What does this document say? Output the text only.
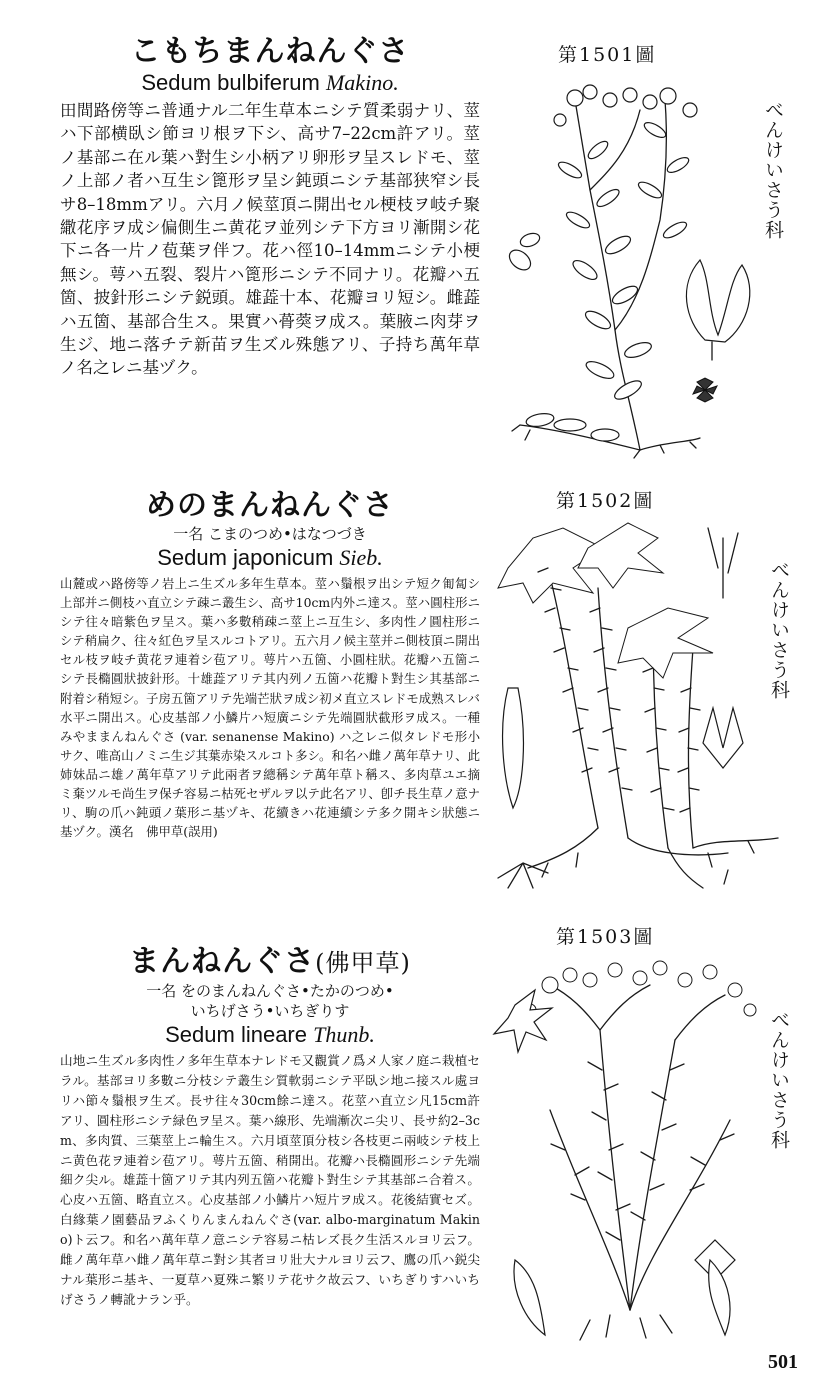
こもちまんねんぐさ
Sedum bulbiferum Makino.
田間路傍等ニ普通ナル二年生草本ニシテ質柔弱ナリ、莖ハ下部横臥シ節ヨリ根ヲ下シ、高サ7–22cm許アリ。莖ノ基部ニ在ル葉ハ對生シ小柄アリ卵形ヲ呈スレドモ、莖ノ上部ノ者ハ互生シ篦形ヲ呈シ鈍頭ニシテ基部狭窄シ長サ8–18mmアリ。六月ノ候莖頂ニ開出セル梗枝ヲ岐チ聚繖花序ヲ成シ偏側生ニ黄花ヲ並列シテ下方ヨリ漸開シ花下ニ各一片ノ苞葉ヲ伴フ。花ハ徑10–14mmニシテ小梗無シ。萼ハ五裂、裂片ハ篦形ニシテ不同ナリ。花瓣ハ五箇、披針形ニシテ鋭頭。雄蕋十本、花瓣ヨリ短シ。雌蕋ハ五箇、基部合生ス。果實ハ蓇葖ヲ成ス。葉腋ニ肉芽ヲ生ジ、地ニ落チテ新苗ヲ生ズル殊態アリ、子持ち萬年草ノ名之レニ基ヅク。
第1501圖
べんけいさう科
めのまんねんぐさ
一名 こまのつめ•はなつづき
Sedum japonicum Sieb.
山麓或ハ路傍等ノ岩上ニ生ズル多年生草本。莖ハ鬚根ヲ出シテ短ク匍匐シ上部并ニ側枝ハ直立シテ疎ニ叢生シ、高サ10cm内外ニ達ス。莖ハ圓柱形ニシテ往々暗紫色ヲ呈ス。葉ハ多數稍疎ニ莖上ニ互生シ、多肉性ノ圓柱形ニシテ稍扁ク、往々紅色ヲ呈スルコトアリ。五六月ノ候主莖并ニ側枝頂ニ開出セル枝ヲ岐チ黄花ヲ連着シ苞アリ。萼片ハ五箇、小圓柱狀。花瓣ハ五箇ニシテ長橢圓狀披針形。十雄蕋アリテ其内列ノ五箇ハ花瓣ト對生シ其基部ニ附着シ稍短シ。子房五箇アリテ先端芒狀ヲ成シ初メ直立スレドモ成熟スレバ水平ニ開出ス。心皮基部ノ小鱗片ハ短廣ニシテ先端圓狀截形ヲ成ス。一種みやままんねんぐさ (var. senanense Makino) ハ之レニ似タレドモ形小サク、唯高山ノミニ生ジ其葉赤染スルコト多シ。和名ハ雌ノ萬年草ナリ、此姉妹品ニ雄ノ萬年草アリテ此兩者ヲ總稱シテ萬年草ト稱ス、多肉草ユエ摘ミ棄ツルモ尚生ヲ保チ容易ニ枯死セザルヲ以テ此名アリ、卽チ長生草ノ意ナリ、駒の爪ハ鈍頭ノ葉形ニ基ヅキ、花續きハ花連續シテ多ク開キシ狀態ニ基ヅク。漢名　佛甲草(誤用)
第1502圖
べんけいさう科
まんねんぐさ(佛甲草)
一名 をのまんねんぐさ•たかのつめ•
いちげさう•いちぎりす
Sedum lineare Thunb.
山地ニ生ズル多肉性ノ多年生草本ナレドモ又觀賞ノ爲メ人家ノ庭ニ栽植セラル。基部ヨリ多數ニ分枝シテ叢生シ質軟弱ニシテ平臥シ地ニ接スル處ヨリハ節々鬚根ヲ生ズ。長サ往々30cm餘ニ達ス。花莖ハ直立シ凡15cm許アリ、圓柱形ニシテ緑色ヲ呈ス。葉ハ線形、先端漸次ニ尖リ、長サ約2–3cm、多肉質、三葉莖上ニ輪生ス。六月頃莖頂分枝シ各枝更ニ兩岐シテ枝上ニ黄色花ヲ連着シ苞アリ。萼片五箇、稍開出。花瓣ハ長橢圓形ニシテ先端細ク尖ル。雄蕋十箇アリテ其内列五箇ハ花瓣ト對生シテ其基部ニ合着ス。心皮ハ五箇、略直立ス。心皮基部ノ小鱗片ハ短片ヲ成ス。花後結實セズ。白緣葉ノ園藝品ヲふくりんまんねんぐさ(var. albo-marginatum Makino)ト云フ。和名ハ萬年草ノ意ニシテ容易ニ枯レズ長ク生活スルヨリ云フ。雌ノ萬年草ハ雌ノ萬年草ニ對シ其者ヨリ壯大ナルヨリ云フ、鷹の爪ハ鋭尖ナル葉形ニ基キ、一夏草ハ夏殊ニ繁リテ花サク故云フ、いちぎりすハいちげさうノ轉訛ナラン乎。
第1503圖
べんけいさう科
501
